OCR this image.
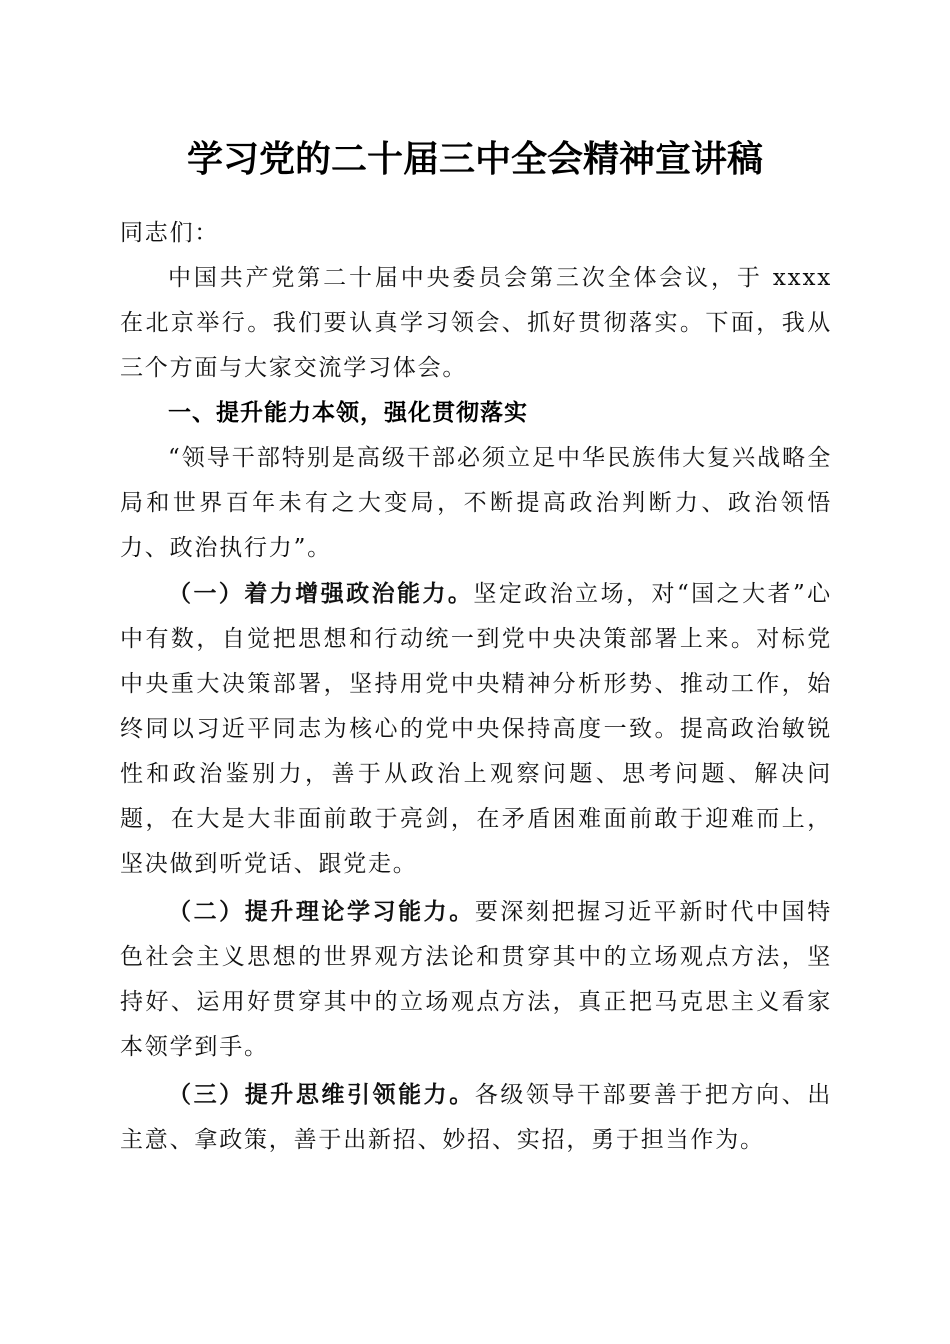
学习党的二十届三中全会精神宣讲稿

同志们：

中国共产党第二十届中央委员会第三次全体会议，于 xxxx 在北京举行。我们要认真学习领会、抓好贯彻落实。下面，我从三个方面与大家交流学习体会。

一、提升能力本领，强化贯彻落实

“领导干部特别是高级干部必须立足中华民族伟大复兴战略全局和世界百年未有之大变局，不断提高政治判断力、政治领悟力、政治执行力”。

（一）着力增强政治能力。坚定政治立场，对“国之大者”心中有数，自觉把思想和行动统一到党中央决策部署上来。对标党中央重大决策部署，坚持用党中央精神分析形势、推动工作，始终同以习近平同志为核心的党中央保持高度一致。提高政治敏锐性和政治鉴别力，善于从政治上观察问题、思考问题、解决问题，在大是大非面前敢于亮剑，在矛盾困难面前敢于迎难而上，坚决做到听党话、跟党走。

（二）提升理论学习能力。要深刻把握习近平新时代中国特色社会主义思想的世界观方法论和贯穿其中的立场观点方法，坚持好、运用好贯穿其中的立场观点方法，真正把马克思主义看家本领学到手。

（三）提升思维引领能力。各级领导干部要善于把方向、出主意、拿政策，善于出新招、妙招、实招，勇于担当作为。
